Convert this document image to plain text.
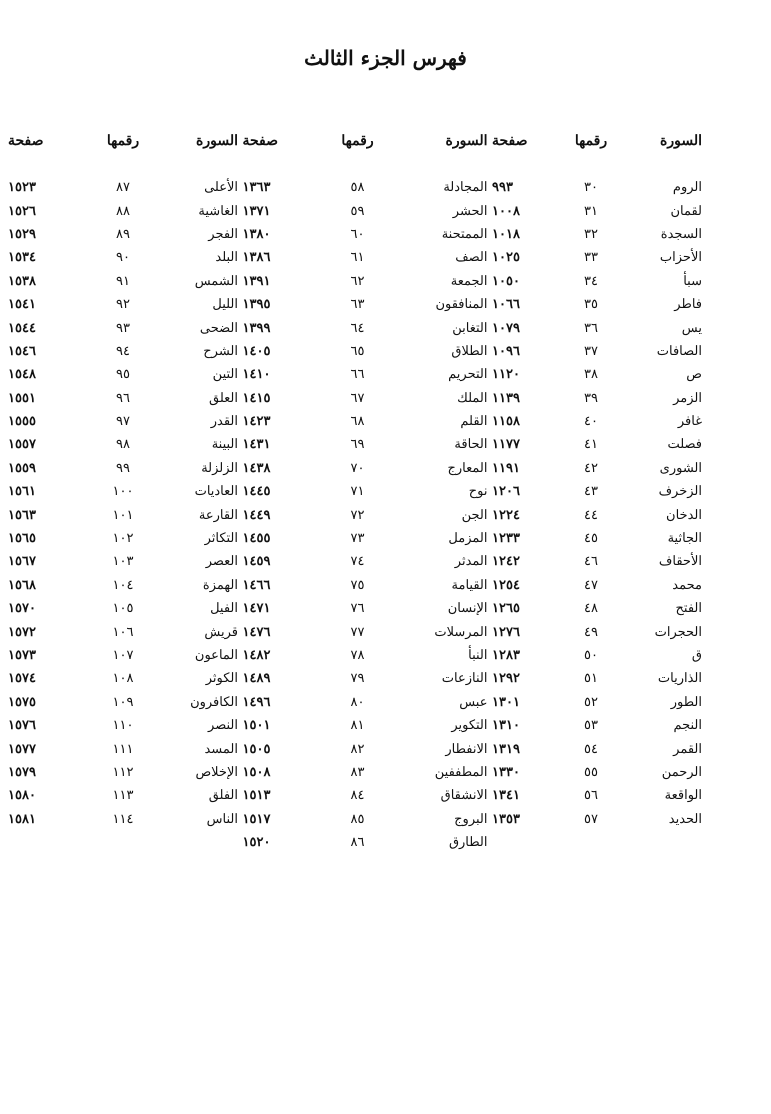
فهرس الجزء الثالث
السورة
رقمها
صفحة
الروم
٣٠
٩٩٣
لقمان
٣١
١٠٠٨
السجدة
٣٢
١٠١٨
الأحزاب
٣٣
١٠٢٥
سبأ
٣٤
١٠٥٠
فاطر
٣٥
١٠٦٦
يس
٣٦
١٠٧٩
الصافات
٣٧
١٠٩٦
ص
٣٨
١١٢٠
الزمر
٣٩
١١٣٩
غافر
٤٠
١١٥٨
فصلت
٤١
١١٧٧
الشورى
٤٢
١١٩١
الزخرف
٤٣
١٢٠٦
الدخان
٤٤
١٢٢٤
الجاثية
٤٥
١٢٣٣
الأحقاف
٤٦
١٢٤٢
محمد
٤٧
١٢٥٤
الفتح
٤٨
١٢٦٥
الحجرات
٤٩
١٢٧٦
ق
٥٠
١٢٨٣
الذاريات
٥١
١٢٩٢
الطور
٥٢
١٣٠١
النجم
٥٣
١٣١٠
القمر
٥٤
١٣١٩
الرحمن
٥٥
١٣٣٠
الواقعة
٥٦
١٣٤١
الحديد
٥٧
١٣٥٣
السورة
رقمها
صفحة
المجادلة
٥٨
١٣٦٣
الحشر
٥٩
١٣٧١
الممتحنة
٦٠
١٣٨٠
الصف
٦١
١٣٨٦
الجمعة
٦٢
١٣٩١
المنافقون
٦٣
١٣٩٥
التغابن
٦٤
١٣٩٩
الطلاق
٦٥
١٤٠٥
التحريم
٦٦
١٤١٠
الملك
٦٧
١٤١٥
القلم
٦٨
١٤٢٣
الحاقة
٦٩
١٤٣١
المعارج
٧٠
١٤٣٨
نوح
٧١
١٤٤٥
الجن
٧٢
١٤٤٩
المزمل
٧٣
١٤٥٥
المدثر
٧٤
١٤٥٩
القيامة
٧٥
١٤٦٦
الإنسان
٧٦
١٤٧١
المرسلات
٧٧
١٤٧٦
النبأ
٧٨
١٤٨٢
النازعات
٧٩
١٤٨٩
عبس
٨٠
١٤٩٦
التكوير
٨١
١٥٠١
الانفطار
٨٢
١٥٠٥
المطففين
٨٣
١٥٠٨
الانشقاق
٨٤
١٥١٣
البروج
٨٥
١٥١٧
الطارق
٨٦
١٥٢٠
السورة
رقمها
صفحة
الأعلى
٨٧
١٥٢٣
الغاشية
٨٨
١٥٢٦
الفجر
٨٩
١٥٢٩
البلد
٩٠
١٥٣٤
الشمس
٩١
١٥٣٨
الليل
٩٢
١٥٤١
الضحى
٩٣
١٥٤٤
الشرح
٩٤
١٥٤٦
التين
٩٥
١٥٤٨
العلق
٩٦
١٥٥١
القدر
٩٧
١٥٥٥
البينة
٩٨
١٥٥٧
الزلزلة
٩٩
١٥٥٩
العاديات
١٠٠
١٥٦١
القارعة
١٠١
١٥٦٣
التكاثر
١٠٢
١٥٦٥
العصر
١٠٣
١٥٦٧
الهمزة
١٠٤
١٥٦٨
الفيل
١٠٥
١٥٧٠
قريش
١٠٦
١٥٧٢
الماعون
١٠٧
١٥٧٣
الكوثر
١٠٨
١٥٧٤
الكافرون
١٠٩
١٥٧٥
النصر
١١٠
١٥٧٦
المسد
١١١
١٥٧٧
الإخلاص
١١٢
١٥٧٩
الفلق
١١٣
١٥٨٠
الناس
١١٤
١٥٨١
